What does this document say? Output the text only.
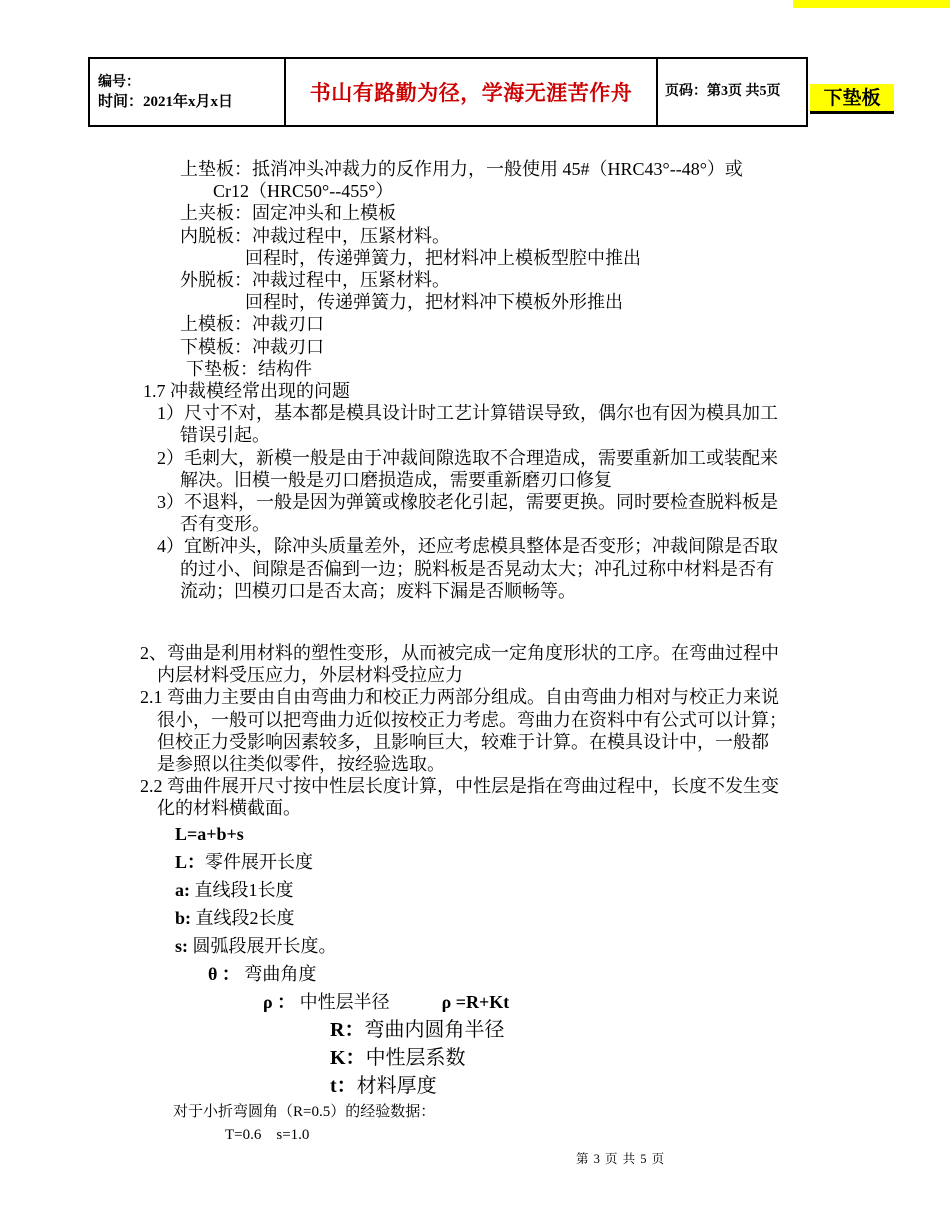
编号：
时间：2021年x月x日	书山有路勤为径，学海无涯苦作舟	页码：第3页 共5页	下垫板
上垫板：抵消冲头冲裁力的反作用力，一般使用 45#（HRC43°--48°）或
Cr12（HRC50°--455°）
上夹板：固定冲头和上模板
内脱板：冲裁过程中，压紧材料。
回程时，传递弹簧力，把材料冲上模板型腔中推出
外脱板：冲裁过程中，压紧材料。
回程时，传递弹簧力，把材料冲下模板外形推出
上模板：冲裁刃口
下模板：冲裁刃口
下垫板：结构件
1.7 冲裁模经常出现的问题
1）尺寸不对，基本都是模具设计时工艺计算错误导致，偶尔也有因为模具加工
错误引起。
2）毛刺大，新模一般是由于冲裁间隙选取不合理造成，需要重新加工或装配来
解决。旧模一般是刃口磨损造成，需要重新磨刃口修复
3）不退料，一般是因为弹簧或橡胶老化引起，需要更换。同时要检查脱料板是
否有变形。
4）宜断冲头，除冲头质量差外，还应考虑模具整体是否变形；冲裁间隙是否取
的过小、间隙是否偏到一边；脱料板是否晃动太大；冲孔过称中材料是否有
流动；凹模刃口是否太高；废料下漏是否顺畅等。
2、弯曲是利用材料的塑性变形，从而被完成一定角度形状的工序。在弯曲过程中
内层材料受压应力，外层材料受拉应力
2.1 弯曲力主要由自由弯曲力和校正力两部分组成。自由弯曲力相对与校正力来说
很小，一般可以把弯曲力近似按校正力考虑。弯曲力在资料中有公式可以计算；
但校正力受影响因素较多，且影响巨大，较难于计算。在模具设计中，一般都
是参照以往类似零件，按经验选取。
2.2 弯曲件展开尺寸按中性层长度计算，中性层是指在弯曲过程中，长度不发生变
化的材料横截面。
L=a+b+s
L：零件展开长度
a: 直线段1长度
b: 直线段2长度
s: 圆弧段展开长度。
θ ： 弯曲角度
ρ ： 中性层半径	ρ =R+Kt
R：弯曲内圆角半径
K：中性层系数
t：材料厚度
对于小折弯圆角（R=0.5）的经验数据：
T=0.6    s=1.0
第 3 页 共 5 页
